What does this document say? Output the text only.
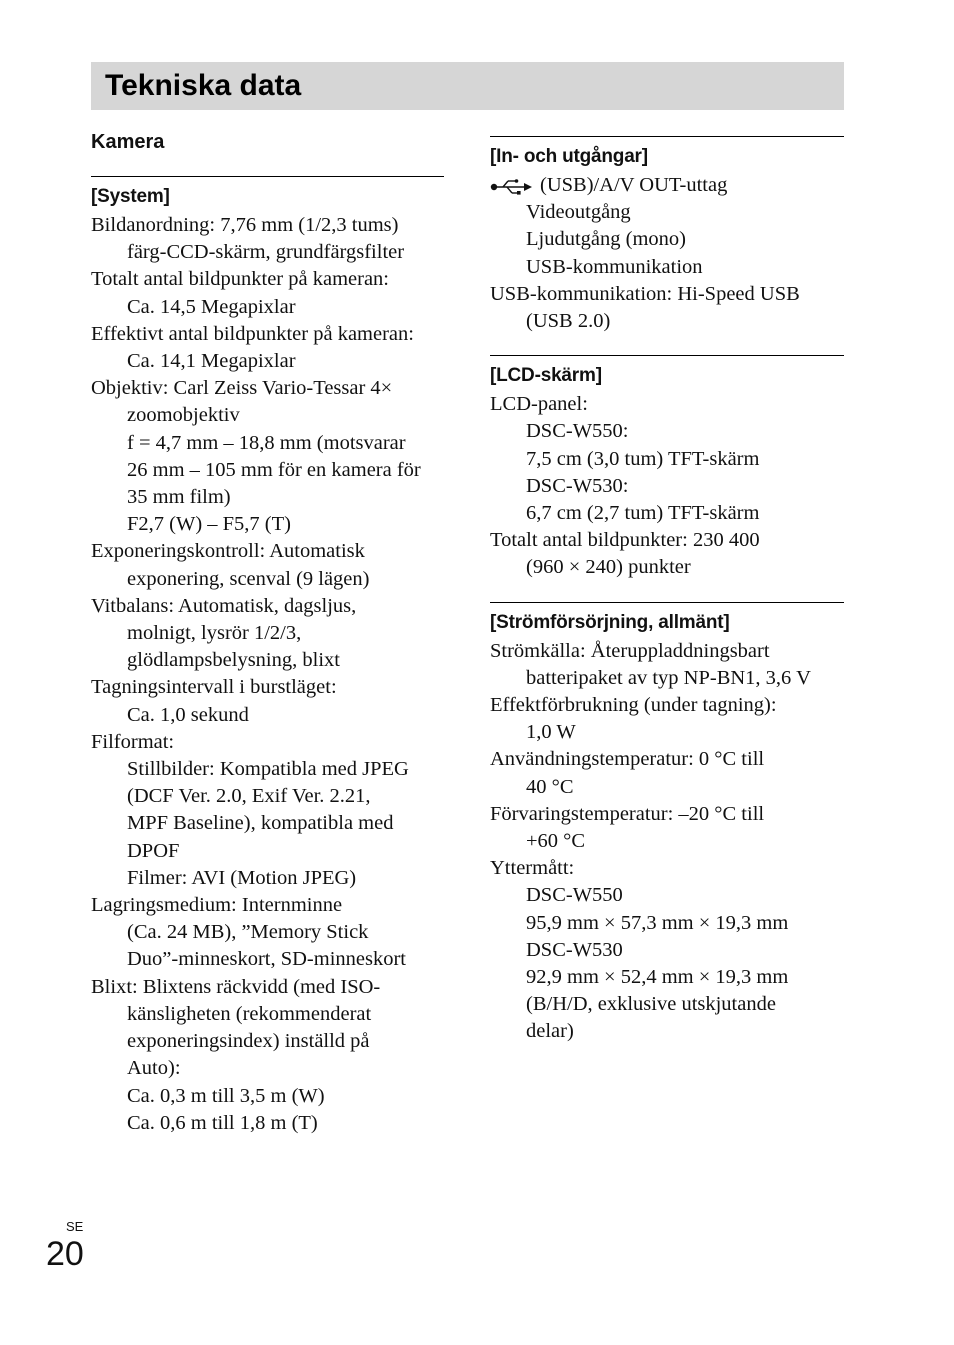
Tekniska data
Kamera
[System]
Bildanordning: 7,76 mm (1/2,3 tums)
färg-CCD-skärm, grundfärgsfilter
Totalt antal bildpunkter på kameran:
Ca. 14,5 Megapixlar
Effektivt antal bildpunkter på kameran:
Ca. 14,1 Megapixlar
Objektiv: Carl Zeiss Vario-Tessar 4×
zoomobjektiv
f = 4,7 mm – 18,8 mm (motsvarar
26 mm – 105 mm för en kamera för
35 mm film)
F2,7 (W) – F5,7 (T)
Exponeringskontroll: Automatisk
exponering, scenval (9 lägen)
Vitbalans: Automatisk, dagsljus,
molnigt, lysrör 1/2/3,
glödlampsbelysning, blixt
Tagningsintervall i burstläget:
Ca. 1,0 sekund
Filformat:
Stillbilder: Kompatibla med JPEG
(DCF Ver. 2.0, Exif Ver. 2.21,
MPF Baseline), kompatibla med
DPOF
Filmer: AVI (Motion JPEG)
Lagringsmedium: Internminne
(Ca. 24 MB), ”Memory Stick
Duo”-minneskort, SD-minneskort
Blixt: Blixtens räckvidd (med ISO-
känsligheten (rekommenderat
exponeringsindex) inställd på
Auto):
Ca. 0,3 m till 3,5 m (W)
Ca. 0,6 m till 1,8 m (T)
[In- och utgångar]
(USB)/A/V OUT-uttag
Videoutgång
Ljudutgång (mono)
USB-kommunikation
USB-kommunikation: Hi-Speed USB
(USB 2.0)
[LCD-skärm]
LCD-panel:
DSC-W550:
7,5 cm (3,0 tum) TFT-skärm
DSC-W530:
6,7 cm (2,7 tum) TFT-skärm
Totalt antal bildpunkter: 230 400
(960 × 240) punkter
[Strömförsörjning, allmänt]
Strömkälla: Återuppladdningsbart
batteripaket av typ NP-BN1, 3,6 V
Effektförbrukning (under tagning):
1,0 W
Användningstemperatur: 0 °C till
40 °C
Förvaringstemperatur: –20 °C till
+60 °C
Yttermått:
DSC-W550
95,9 mm × 57,3 mm × 19,3 mm
DSC-W530
92,9 mm × 52,4 mm × 19,3 mm
(B/H/D, exklusive utskjutande
delar)
SE
20
